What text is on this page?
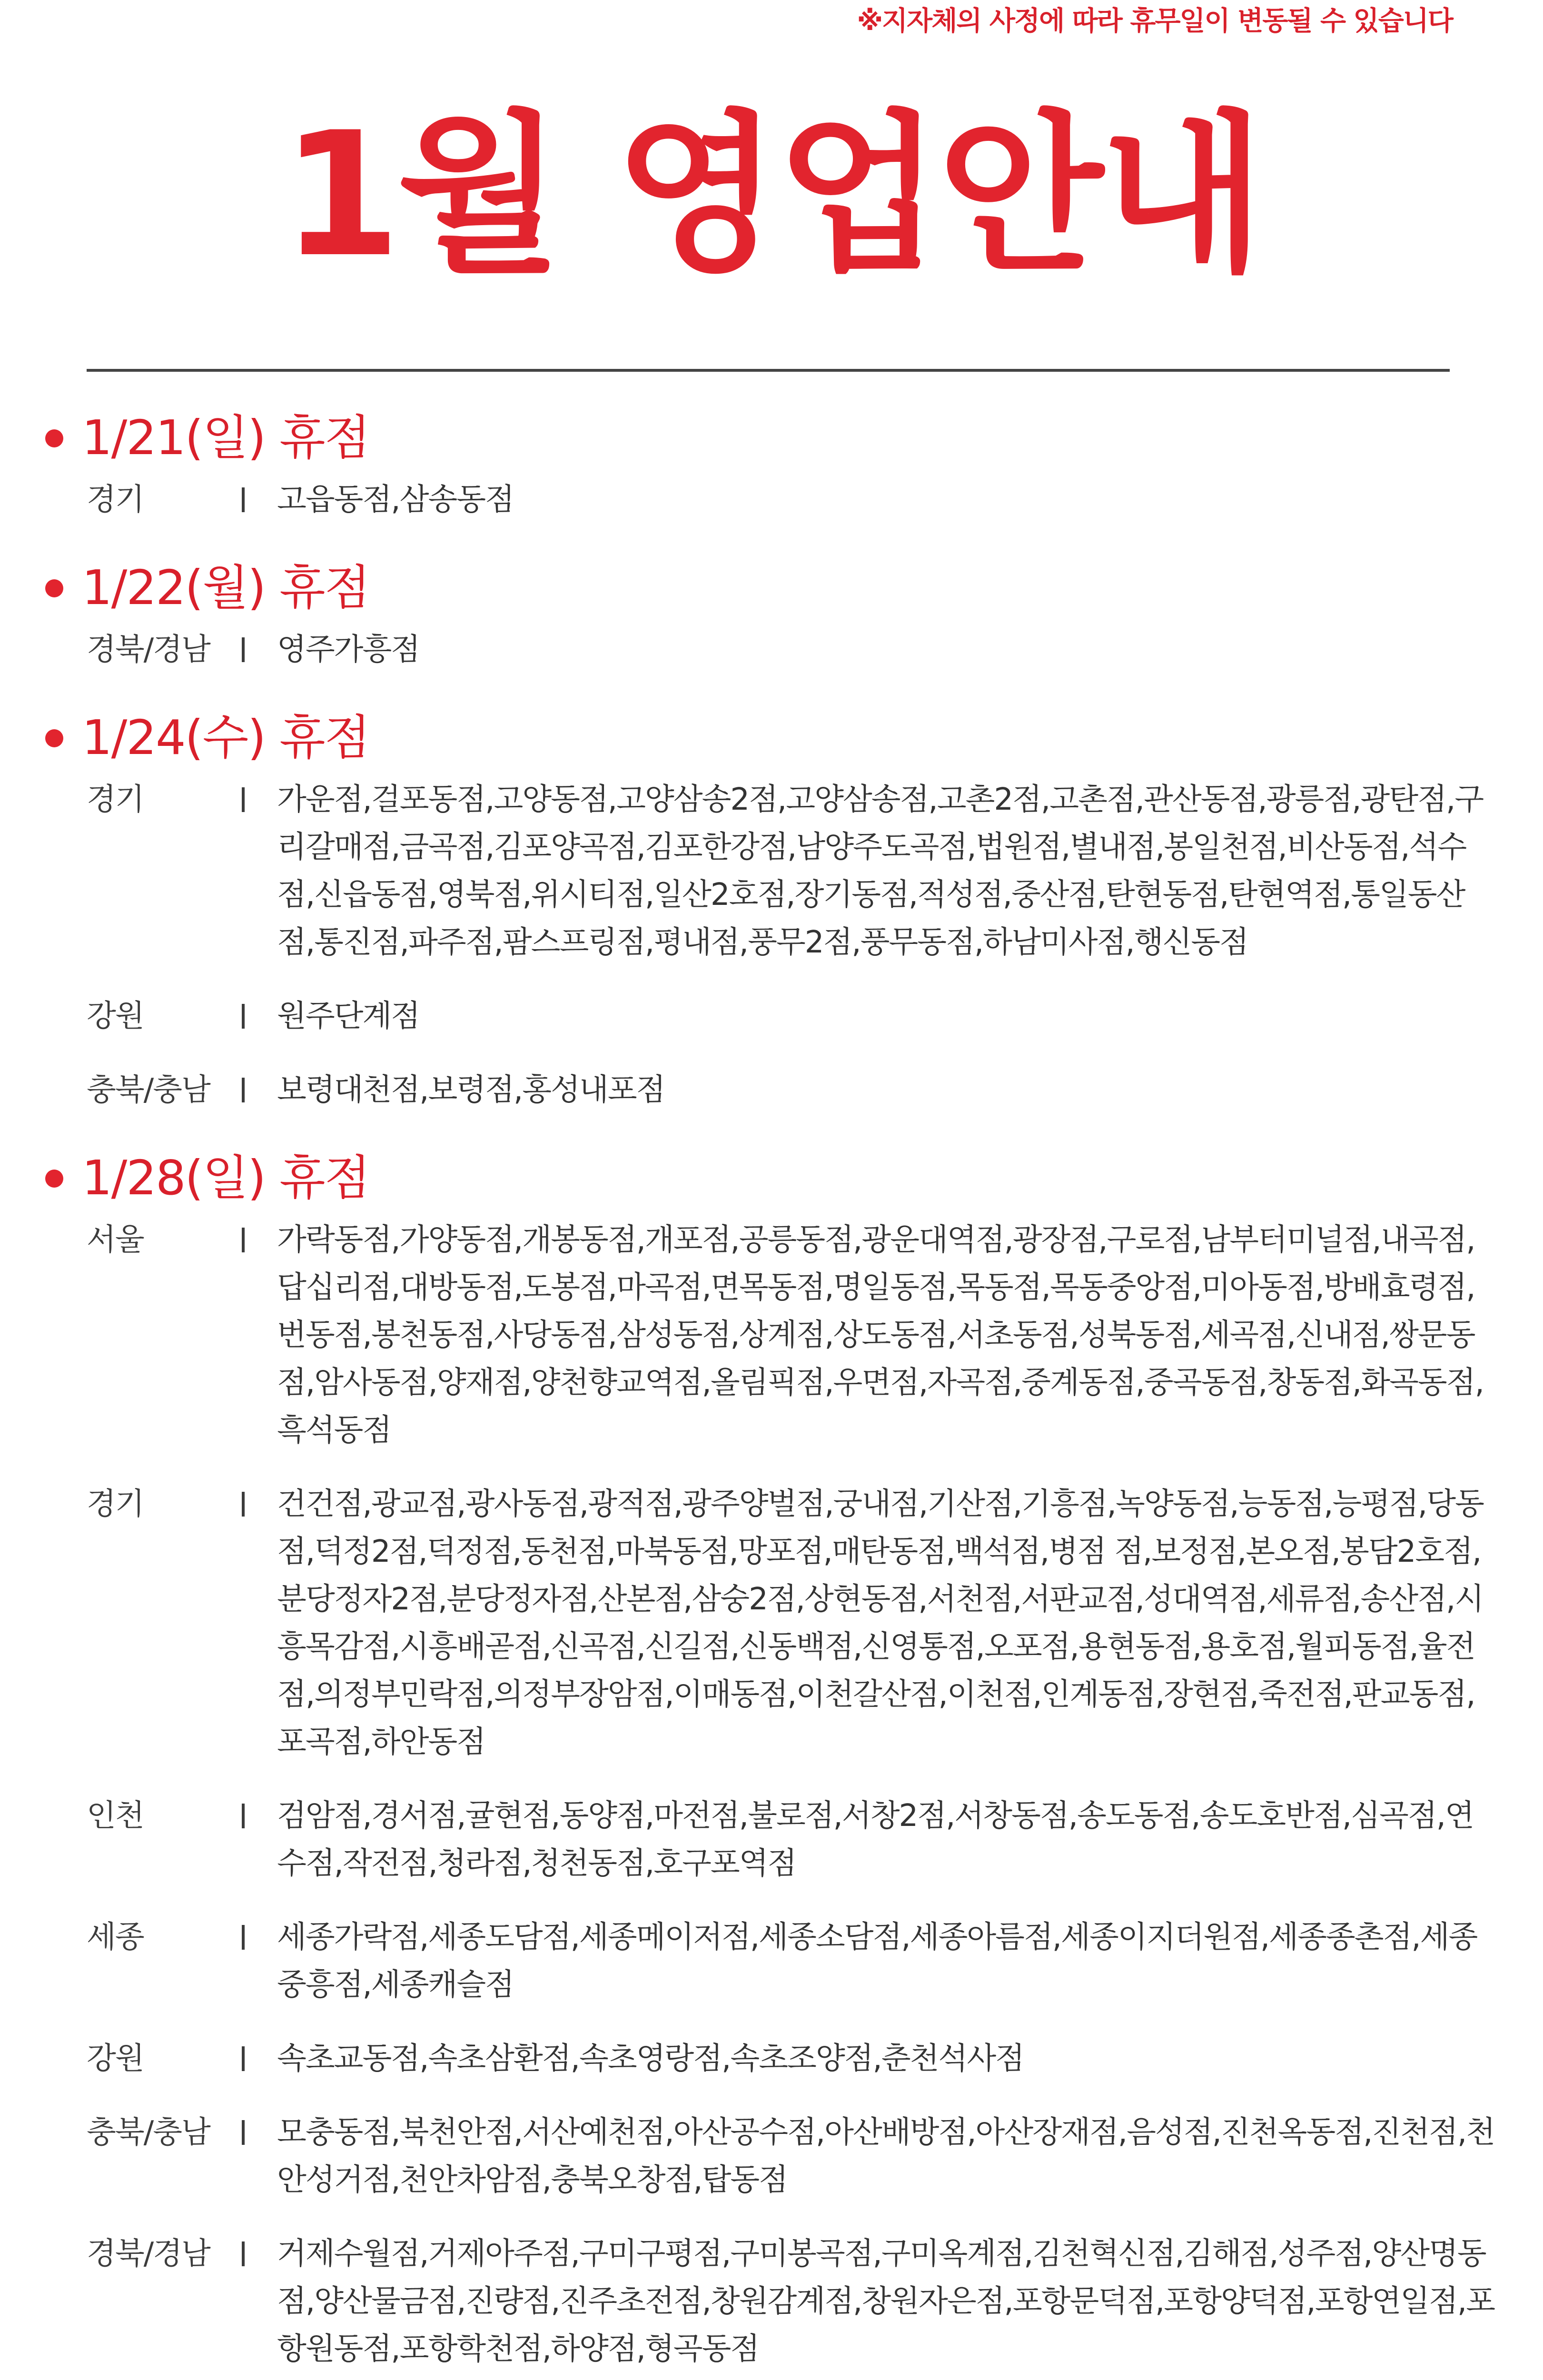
※지자체의 사정에 따라 휴무일이 변동될 수 있습니다
1월 영업안내
1/21(일) 휴점
경기	고읍동점,삼송동점
1/22(월) 휴점
경북/경남	영주가흥점
1/24(수) 휴점
경기	가운점,걸포동점,고양동점,고양삼송2점,고양삼송점,고촌2점,고촌점,관산동점,광릉점,광탄점,구리갈매점,금곡점,김포양곡점,김포한강점,남양주도곡점,법원점,별내점,봉일천점,비산동점,석수점,신읍동점,영북점,위시티점,일산2호점,장기동점,적성점,중산점,탄현동점,탄현역점,통일동산점,통진점,파주점,팜스프링점,평내점,풍무2점,풍무동점,하남미사점,행신동점
강원	원주단계점
충북/충남	보령대천점,보령점,홍성내포점
1/28(일) 휴점
서울	가락동점,가양동점,개봉동점,개포점,공릉동점,광운대역점,광장점,구로점,남부터미널점,내곡점,답십리점,대방동점,도봉점,마곡점,면목동점,명일동점,목동점,목동중앙점,미아동점,방배효령점,번동점,봉천동점,사당동점,삼성동점,상계점,상도동점,서초동점,성북동점,세곡점,신내점,쌍문동점,암사동점,양재점,양천향교역점,올림픽점,우면점,자곡점,중계동점,중곡동점,창동점,화곡동점,흑석동점
경기	건건점,광교점,광사동점,광적점,광주양벌점,궁내점,기산점,기흥점,녹양동점,능동점,능평점,당동점,덕정2점,덕정점,동천점,마북동점,망포점,매탄동점,백석점,병점 점,보정점,본오점,봉담2호점,분당정자2점,분당정자점,산본점,삼숭2점,상현동점,서천점,서판교점,성대역점,세류점,송산점,시흥목감점,시흥배곧점,신곡점,신길점,신동백점,신영통점,오포점,용현동점,용호점,월피동점,율전점,의정부민락점,의정부장암점,이매동점,이천갈산점,이천점,인계동점,장현점,죽전점,판교동점,포곡점,하안동점
인천	검암점,경서점,귤현점,동양점,마전점,불로점,서창2점,서창동점,송도동점,송도호반점,심곡점,연수점,작전점,청라점,청천동점,호구포역점
세종	세종가락점,세종도담점,세종메이저점,세종소담점,세종아름점,세종이지더원점,세종종촌점,세종중흥점,세종캐슬점
강원	속초교동점,속초삼환점,속초영랑점,속초조양점,춘천석사점
충북/충남	모충동점,북천안점,서산예천점,아산공수점,아산배방점,아산장재점,음성점,진천옥동점,진천점,천안성거점,천안차암점,충북오창점,탑동점
경북/경남	거제수월점,거제아주점,구미구평점,구미봉곡점,구미옥계점,김천혁신점,김해점,성주점,양산명동점,양산물금점,진량점,진주초전점,창원감계점,창원자은점,포항문덕점,포항양덕점,포항연일점,포항원동점,포항학천점,하양점,형곡동점
